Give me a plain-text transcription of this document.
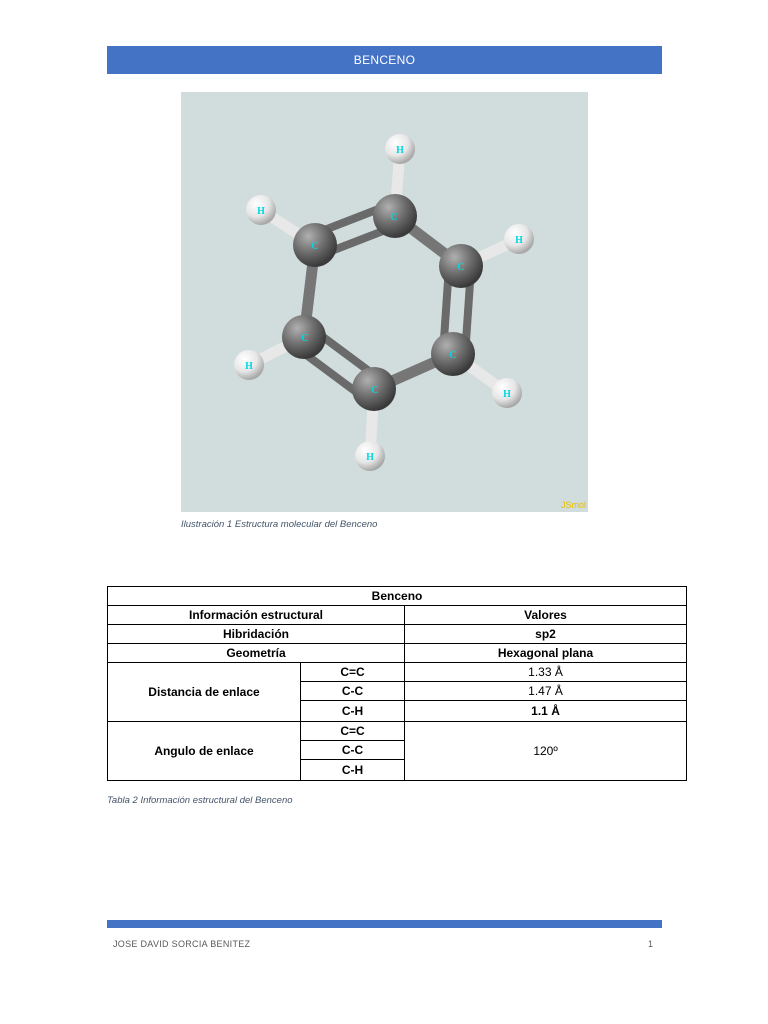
BENCENO
H
H
H
H
H
H
C
C
C
C
C
C
JSmol
Ilustración 1 Estructura molecular del Benceno
Benceno		
Información estructural		Valores
Hibridación		sp2
Geometría		Hexagonal plana
Distancia de enlace	C=C	1.33 Å
	C-C	1.47 Å
	C-H	1.1 Å
Angulo de enlace	C=C	120º
	C-C	
	C-H	
Tabla 2 Información estructural del Benceno
JOSE DAVID SORCIA BENITEZ	1
